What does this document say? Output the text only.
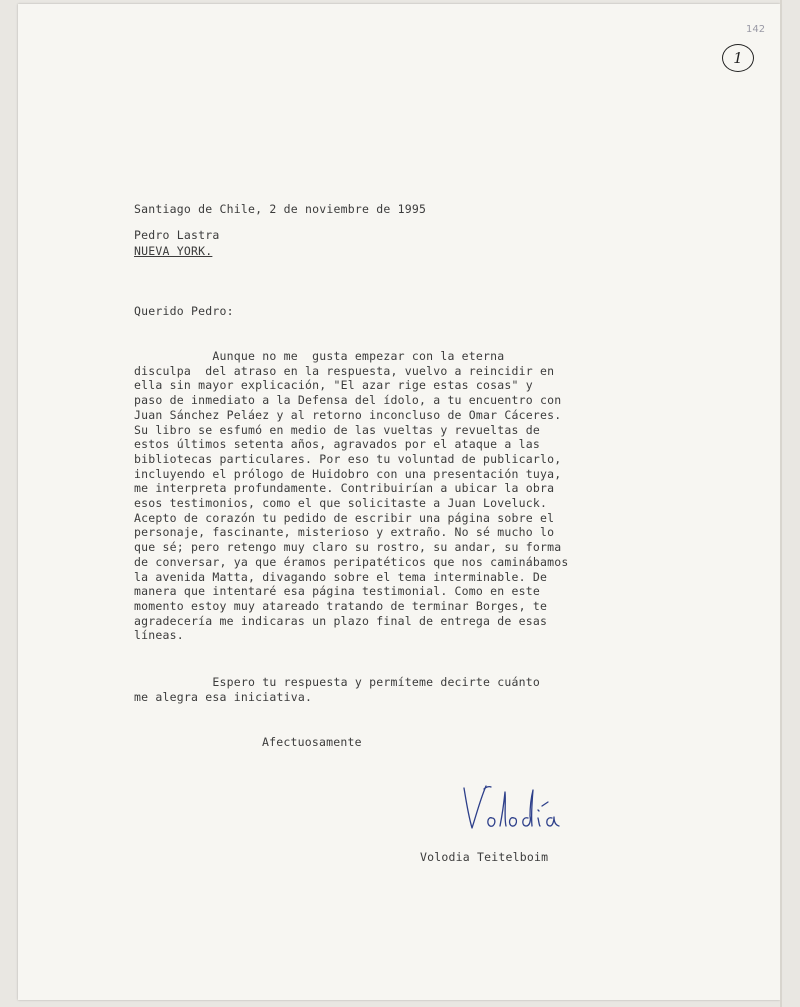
142
1

Santiago de Chile, 2 de noviembre de 1995

Pedro Lastra

NUEVA YORK.

Querido Pedro:

Aunque no me  gusta empezar con la eterna
disculpa  del atraso en la respuesta, vuelvo a reincidir en
ella sin mayor explicación, "El azar rige estas cosas" y
paso de inmediato a la Defensa del ídolo, a tu encuentro con
Juan Sánchez Peláez y al retorno inconcluso de Omar Cáceres.
Su libro se esfumó en medio de las vueltas y revueltas de
estos últimos setenta años, agravados por el ataque a las
bibliotecas particulares. Por eso tu voluntad de publicarlo,
incluyendo el prólogo de Huidobro con una presentación tuya,
me interpreta profundamente. Contribuirían a ubicar la obra
esos testimonios, como el que solicitaste a Juan Loveluck.
Acepto de corazón tu pedido de escribir una página sobre el
personaje, fascinante, misterioso y extraño. No sé mucho lo
que sé; pero retengo muy claro su rostro, su andar, su forma
de conversar, ya que éramos peripatéticos que nos caminábamos
la avenida Matta, divagando sobre el tema interminable. De
manera que intentaré esa página testimonial. Como en este
momento estoy muy atareado tratando de terminar Borges, te
agradecería me indicaras un plazo final de entrega de esas
líneas.
Espero tu respuesta y permíteme decirte cuánto
me alegra esa iniciativa.

Afectuosamente

Volodia Teitelboim
